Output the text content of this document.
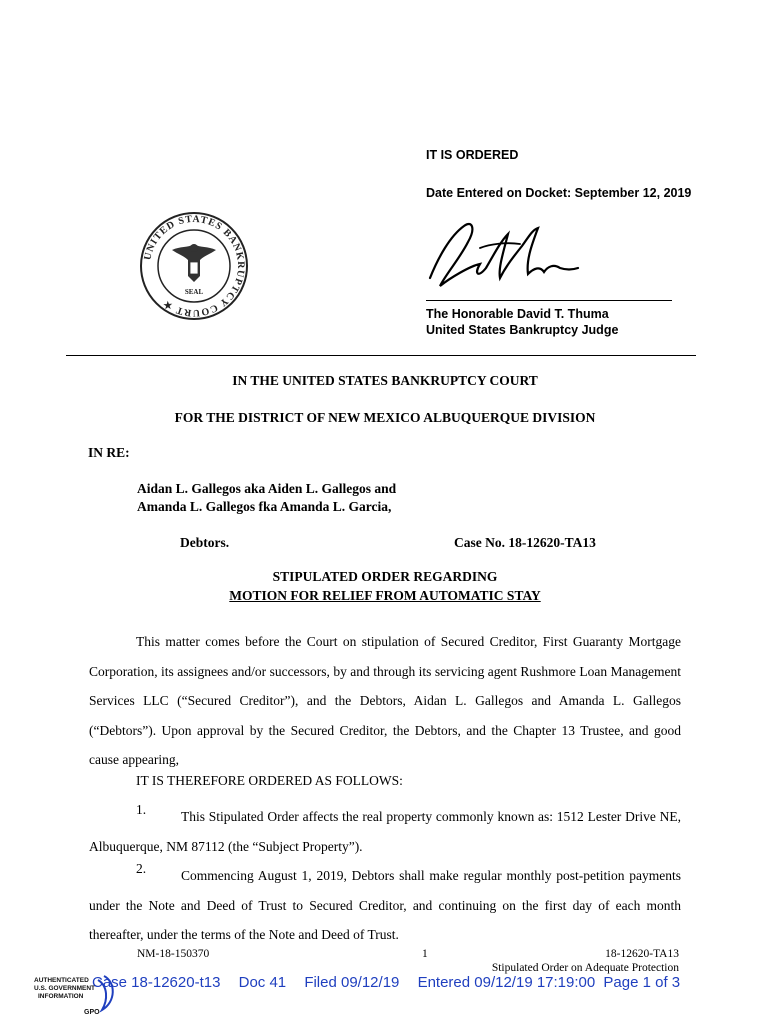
IT IS ORDERED
Date Entered on Docket: September 12, 2019
UNITED STATES BANKRUPTCY COURT ★
SEAL
The Honorable David T. Thuma
United States Bankruptcy Judge
IN THE UNITED STATES BANKRUPTCY COURT
FOR THE DISTRICT OF NEW MEXICO ALBUQUERQUE DIVISION
IN RE:
Aidan L. Gallegos aka Aiden L. Gallegos and
Amanda L. Gallegos fka Amanda L. Garcia,
Debtors.	Case No. 18-12620-TA13
STIPULATED ORDER REGARDING
MOTION FOR RELIEF FROM AUTOMATIC STAY
This matter comes before the Court on stipulation of Secured Creditor, First Guaranty Mortgage Corporation, its assignees and/or successors, by and through its servicing agent Rushmore Loan Management Services LLC (“Secured Creditor”), and the Debtors, Aidan L. Gallegos and Amanda L. Gallegos (“Debtors”). Upon approval by the Secured Creditor, the Debtors, and the Chapter 13 Trustee, and good cause appearing,
IT IS THEREFORE ORDERED AS FOLLOWS:
1.	This Stipulated Order affects the real property commonly known as: 1512 Lester Drive NE, Albuquerque, NM 87112 (the “Subject Property”).
2.	Commencing August 1, 2019, Debtors shall make regular monthly post-petition payments under the Note and Deed of Trust to Secured Creditor, and continuing on the first day of each month thereafter, under the terms of the Note and Deed of Trust.
NM-18-150370	1	18-12620-TA13
Stipulated Order on Adequate Protection
AUTHENTICATED
U.S. GOVERNMENT
INFORMATION
GPO
Case 18-12620-t13 Doc 41 Filed 09/12/19 Entered 09/12/19 17:19:00 Page 1 of 3
